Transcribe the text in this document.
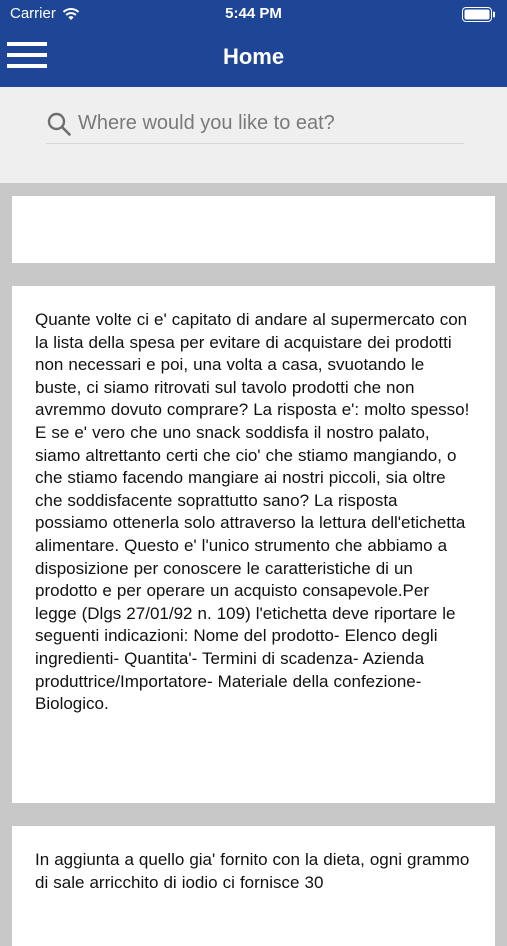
Carrier	5:44 PM
Home
Where would you like to eat?

Quante volte ci e' capitato di andare al supermercato con la lista della spesa per evitare di acquistare dei prodotti non necessari e poi, una volta a casa, svuotando le buste, ci siamo ritrovati sul tavolo prodotti che non avremmo dovuto comprare? La risposta e': molto spesso! E se e' vero che uno snack soddisfa il nostro palato, siamo altrettanto certi che cio' che stiamo mangiando, o che stiamo facendo mangiare ai nostri piccoli, sia oltre che soddisfacente soprattutto sano? La risposta possiamo ottenerla solo attraverso la lettura dell'etichetta alimentare. Questo e' l'unico strumento che abbiamo a disposizione per conoscere le caratteristiche di un prodotto e per operare un acquisto consapevole.Per legge (Dlgs 27/01/92 n. 109) l'etichetta deve riportare le seguenti indicazioni: Nome del prodotto- Elenco degli ingredienti- Quantita'- Termini di scadenza- Azienda produttrice/Importatore- Materiale della confezione- Biologico.

In aggiunta a quello gia' fornito con la dieta, ogni grammo di sale arricchito di iodio ci fornisce 30
